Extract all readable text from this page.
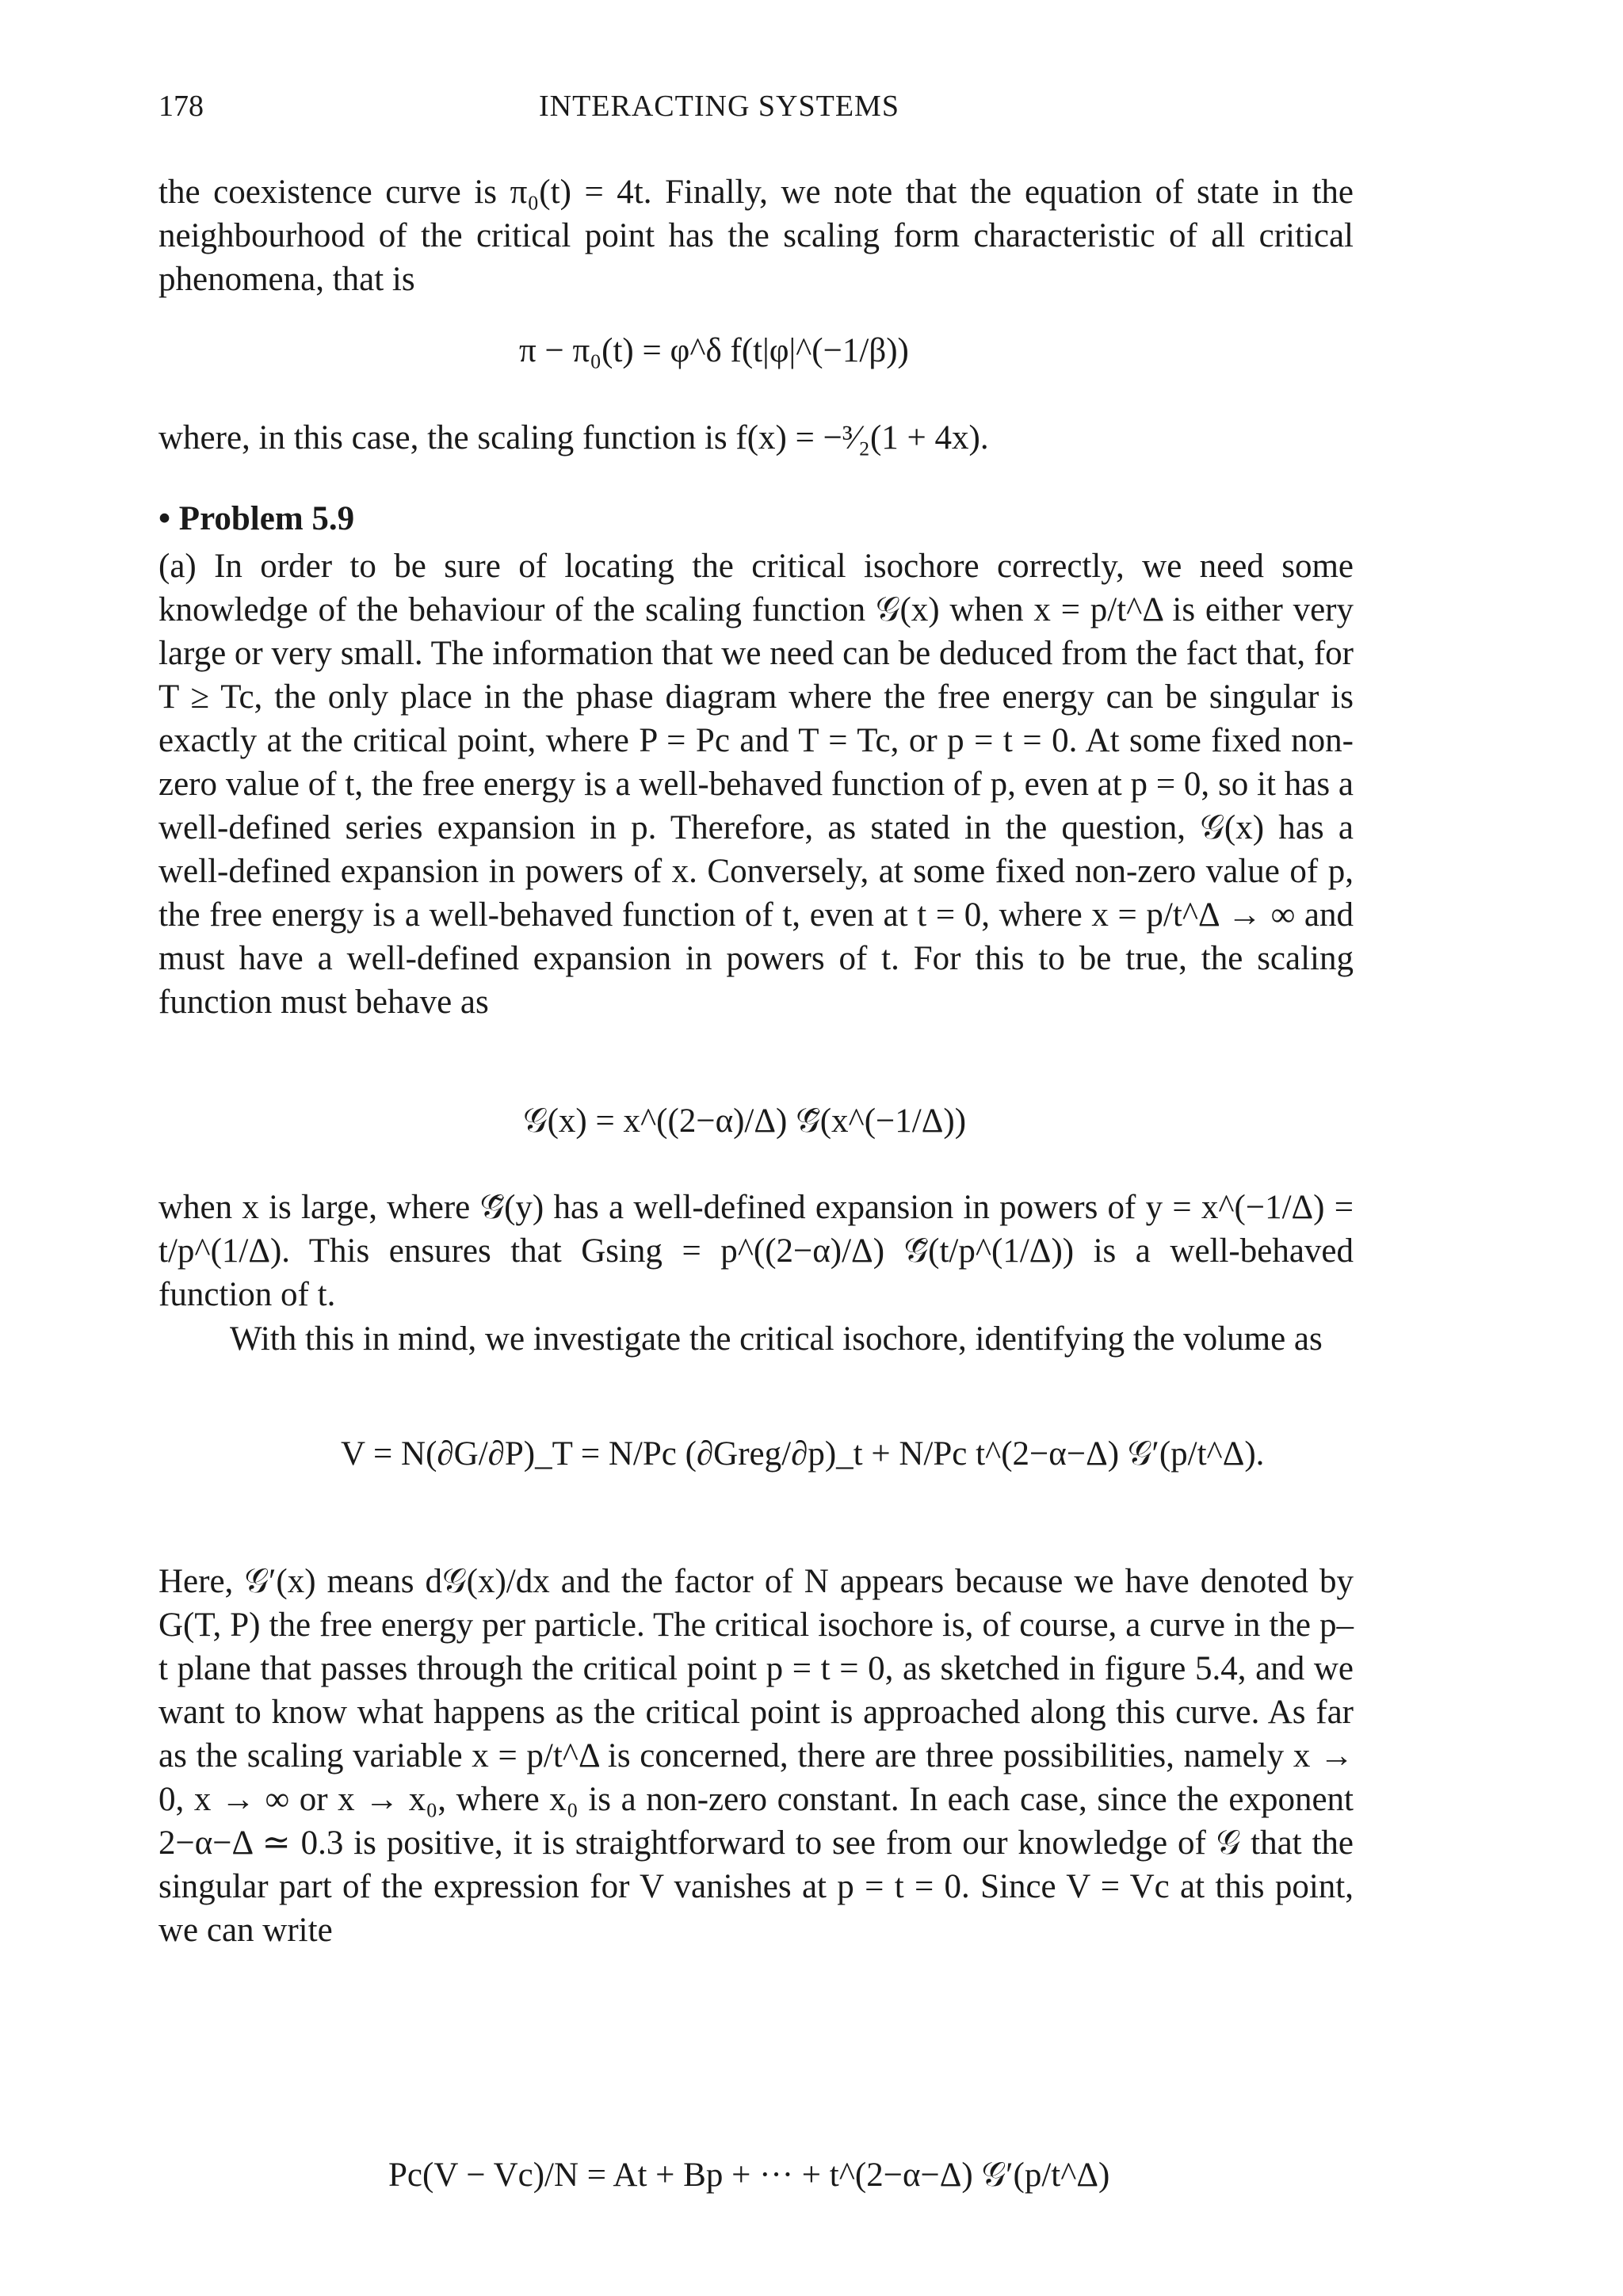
178	INTERACTING SYSTEMS

the coexistence curve is π₀(t) = 4t. Finally, we note that the equation of state in the neighbourhood of the critical point has the scaling form characteristic of all critical phenomena, that is

π − π₀(t) = φ^δ f(t|φ|^(−1/β))

where, in this case, the scaling function is f(x) = −³⁄₂(1 + 4x).

• Problem 5.9

(a) In order to be sure of locating the critical isochore correctly, we need some knowledge of the behaviour of the scaling function 𝒢(x) when x = p/t^Δ is either very large or very small. The information that we need can be deduced from the fact that, for T ≥ Tc, the only place in the phase diagram where the free energy can be singular is exactly at the critical point, where P = Pc and T = Tc, or p = t = 0. At some fixed non-zero value of t, the free energy is a well-behaved function of p, even at p = 0, so it has a well-defined series expansion in p. Therefore, as stated in the question, 𝒢(x) has a well-defined expansion in powers of x. Conversely, at some fixed non-zero value of p, the free energy is a well-behaved function of t, even at t = 0, where x = p/t^Δ → ∞ and must have a well-defined expansion in powers of t. For this to be true, the scaling function must behave as

𝒢(x) = x^((2−α)/Δ) 𝒢̃(x^(−1/Δ))

when x is large, where 𝒢̃(y) has a well-defined expansion in powers of y = x^(−1/Δ) = t/p^(1/Δ). This ensures that Gsing = p^((2−α)/Δ) 𝒢̃(t/p^(1/Δ)) is a well-behaved function of t.

With this in mind, we investigate the critical isochore, identifying the volume as

V = N(∂G/∂P)_T = N/Pc (∂Greg/∂p)_t + N/Pc t^(2−α−Δ) 𝒢′(p/t^Δ).

Here, 𝒢′(x) means d𝒢(x)/dx and the factor of N appears because we have denoted by G(T, P) the free energy per particle. The critical isochore is, of course, a curve in the p–t plane that passes through the critical point p = t = 0, as sketched in figure 5.4, and we want to know what happens as the critical point is approached along this curve. As far as the scaling variable x = p/t^Δ is concerned, there are three possibilities, namely x → 0, x → ∞ or x → x₀, where x₀ is a non-zero constant. In each case, since the exponent 2−α−Δ ≃ 0.3 is positive, it is straightforward to see from our knowledge of 𝒢 that the singular part of the expression for V vanishes at p = t = 0. Since V = Vc at this point, we can write

Pc(V − Vc)/N = At + Bp + ··· + t^(2−α−Δ) 𝒢′(p/t^Δ)
